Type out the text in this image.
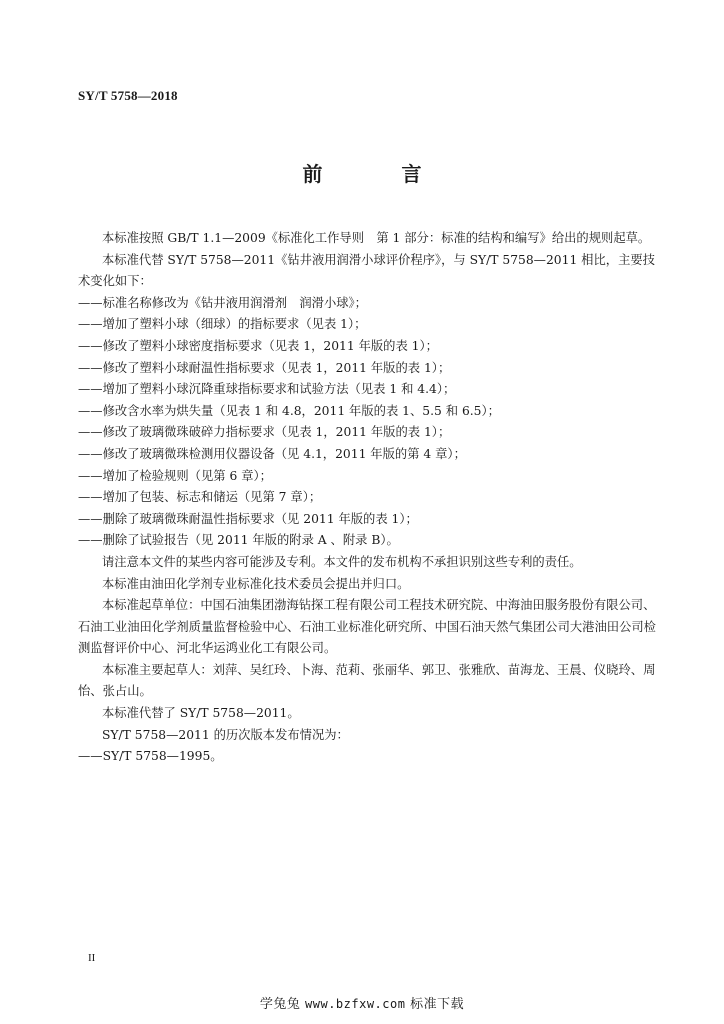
SY/T 5758—2018
前 言

本标准按照 GB/T 1.1—2009《标准化工作导则　第 1 部分：标准的结构和编写》给出的规则起草。

本标准代替 SY/T 5758—2011《钻井液用润滑小球评价程序》，与 SY/T 5758—2011 相比，主要技术变化如下：

——标准名称修改为《钻井液用润滑剂　润滑小球》；

——增加了塑料小球（细球）的指标要求（见表 1）；

——修改了塑料小球密度指标要求（见表 1，2011 年版的表 1）；

——修改了塑料小球耐温性指标要求（见表 1，2011 年版的表 1）；

——增加了塑料小球沉降重球指标要求和试验方法（见表 1 和 4.4）；

——修改含水率为烘失量（见表 1 和 4.8，2011 年版的表 1、5.5 和 6.5）；

——修改了玻璃微珠破碎力指标要求（见表 1，2011 年版的表 1）；

——修改了玻璃微珠检测用仪器设备（见 4.1，2011 年版的第 4 章）；

——增加了检验规则（见第 6 章）；

——增加了包装、标志和储运（见第 7 章）；

——删除了玻璃微珠耐温性指标要求（见 2011 年版的表 1）；

——删除了试验报告（见 2011 年版的附录 A 、附录 B）。

请注意本文件的某些内容可能涉及专利。本文件的发布机构不承担识别这些专利的责任。

本标准由油田化学剂专业标准化技术委员会提出并归口。

本标准起草单位：中国石油集团渤海钻探工程有限公司工程技术研究院、中海油田服务股份有限公司、石油工业油田化学剂质量监督检验中心、石油工业标准化研究所、中国石油天然气集团公司大港油田公司检测监督评价中心、河北华运鸿业化工有限公司。

本标准主要起草人：刘萍、吴红玲、卜海、范莉、张丽华、郭卫、张雅欣、苗海龙、王晨、仪晓玲、周怡、张占山。

本标准代替了 SY/T 5758—2011。

SY/T 5758—2011 的历次版本发布情况为：

——SY/T 5758—1995。

II
学兔兔 www.bzfxw.com 标准下载
